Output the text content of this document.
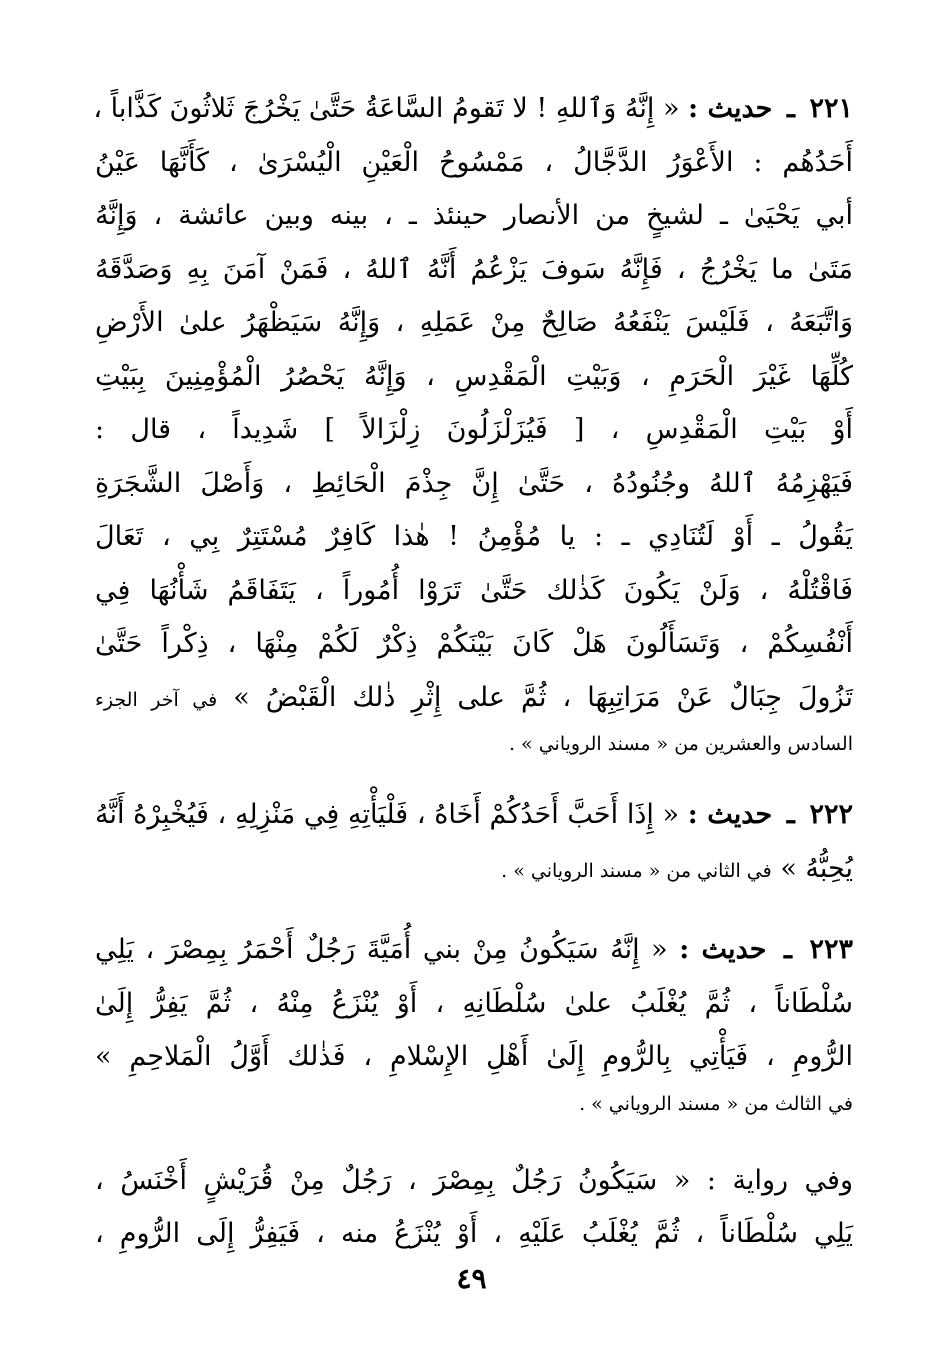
٢٢١ ـ حديث : « إِنَّهُ وَٱللهِ ! لا تَقومُ السَّاعَةُ حَتَّىٰ يَخْرُجَ ثَلاثُونَ كَذَّاباً ،
أَحَدُهُم : الأَعْوَرُ الدَّجَّالُ ، مَمْسُوحُ الْعَيْنِ الْيُسْرَىٰ ، كَأَنَّهَا عَيْنُ
أبي يَحْيَىٰ ـ لشيخٍ من الأنصار حينئذ ـ ، بينه وبين عائشة ، وَإِنَّهُ
مَتَىٰ ما يَخْرُجُ ، فَإِنَّهُ سَوفَ يَزْعُمُ أَنَّهُ ٱللهُ ، فَمَنْ آمَنَ بِهِ وَصَدَّقَهُ
وَاتَّبَعَهُ ، فَلَيْسَ يَنْفَعُهُ صَالِحٌ مِنْ عَمَلِهِ ، وَإِنَّهُ سَيَظْهَرُ علىٰ الأَرْضِ
كُلِّهَا غَيْرَ الْحَرَمِ ، وَبَيْتِ الْمَقْدِسِ ، وَإِنَّهُ يَحْصُرُ الْمُؤْمِنِينَ بِبَيْتِ
أَوْ بَيْتِ الْمَقْدِسِ ، [ فَيُزَلْزَلُونَ زِلْزَالاً ] شَدِيداً ، قال :
فَيَهْزِمُهُ ٱللهُ وجُنُودُهُ ، حَتَّىٰ إِنَّ جِذْمَ الْحَائِطِ ، وَأَصْلَ الشَّجَرَةِ
يَقُولُ ـ أَوْ لَتُنَادِي ـ : يا مُؤْمِنُ ! هٰذا كَافِرٌ مُسْتَتِرٌ بِي ، تَعَالَ
فَاقْتُلْهُ ، وَلَنْ يَكُونَ كَذٰلك حَتَّىٰ تَرَوْا أُمُوراً ، يَتَفَاقَمُ شَأْنُهَا فِي
أَنْفُسِكُمْ ، وَتَسَأَلُونَ هَلْ كَانَ بَيْنَكُمْ ذِكْرٌ لَكُمْ مِنْهَا ، ذِكْراً حَتَّىٰ
تَزُولَ جِبَالٌ عَنْ مَرَاتِبِهَا ، ثُمَّ على إِثْرِ ذٰلك الْقَبْضُ » في آخر الجزء
السادس والعشرين من « مسند الروياني » .
٢٢٢ ـ حديث : « إِذَا أَحَبَّ أَحَدُكُمْ أَخَاهُ ، فَلْيَأْتِهِ فِي مَنْزِلِهِ ، فَيُخْبِرْهُ أَنَّهُ
يُحِبُّهُ » في الثاني من « مسند الروياني » .
٢٢٣ ـ حديث : « إِنَّهُ سَيَكُونُ مِنْ بني أُمَيَّةَ رَجُلٌ أَحْمَرُ بِمِصْرَ ، يَلِي
سُلْطَاناً ، ثُمَّ يُغْلَبُ علىٰ سُلْطَانِهِ ، أَوْ يُنْزَعُ مِنْهُ ، ثُمَّ يَفِرُّ إِلَىٰ
الرُّومِ ، فَيَأْتِي بِالرُّومِ إِلَىٰ أَهْلِ الإِسْلامِ ، فَذٰلك أَوَّلُ الْمَلاحِمِ »
في الثالث من « مسند الروياني » .
وفي رواية : « سَيَكُونُ رَجُلٌ بِمِصْرَ ، رَجُلٌ مِنْ قُرَيْشٍ أَخْنَسُ ،
يَلِي سُلْطَاناً ، ثُمَّ يُغْلَبُ عَلَيْهِ ، أَوْ يُنْزَعُ منه ، فَيَفِرُّ إِلَى الرُّومِ ،
٤٩
